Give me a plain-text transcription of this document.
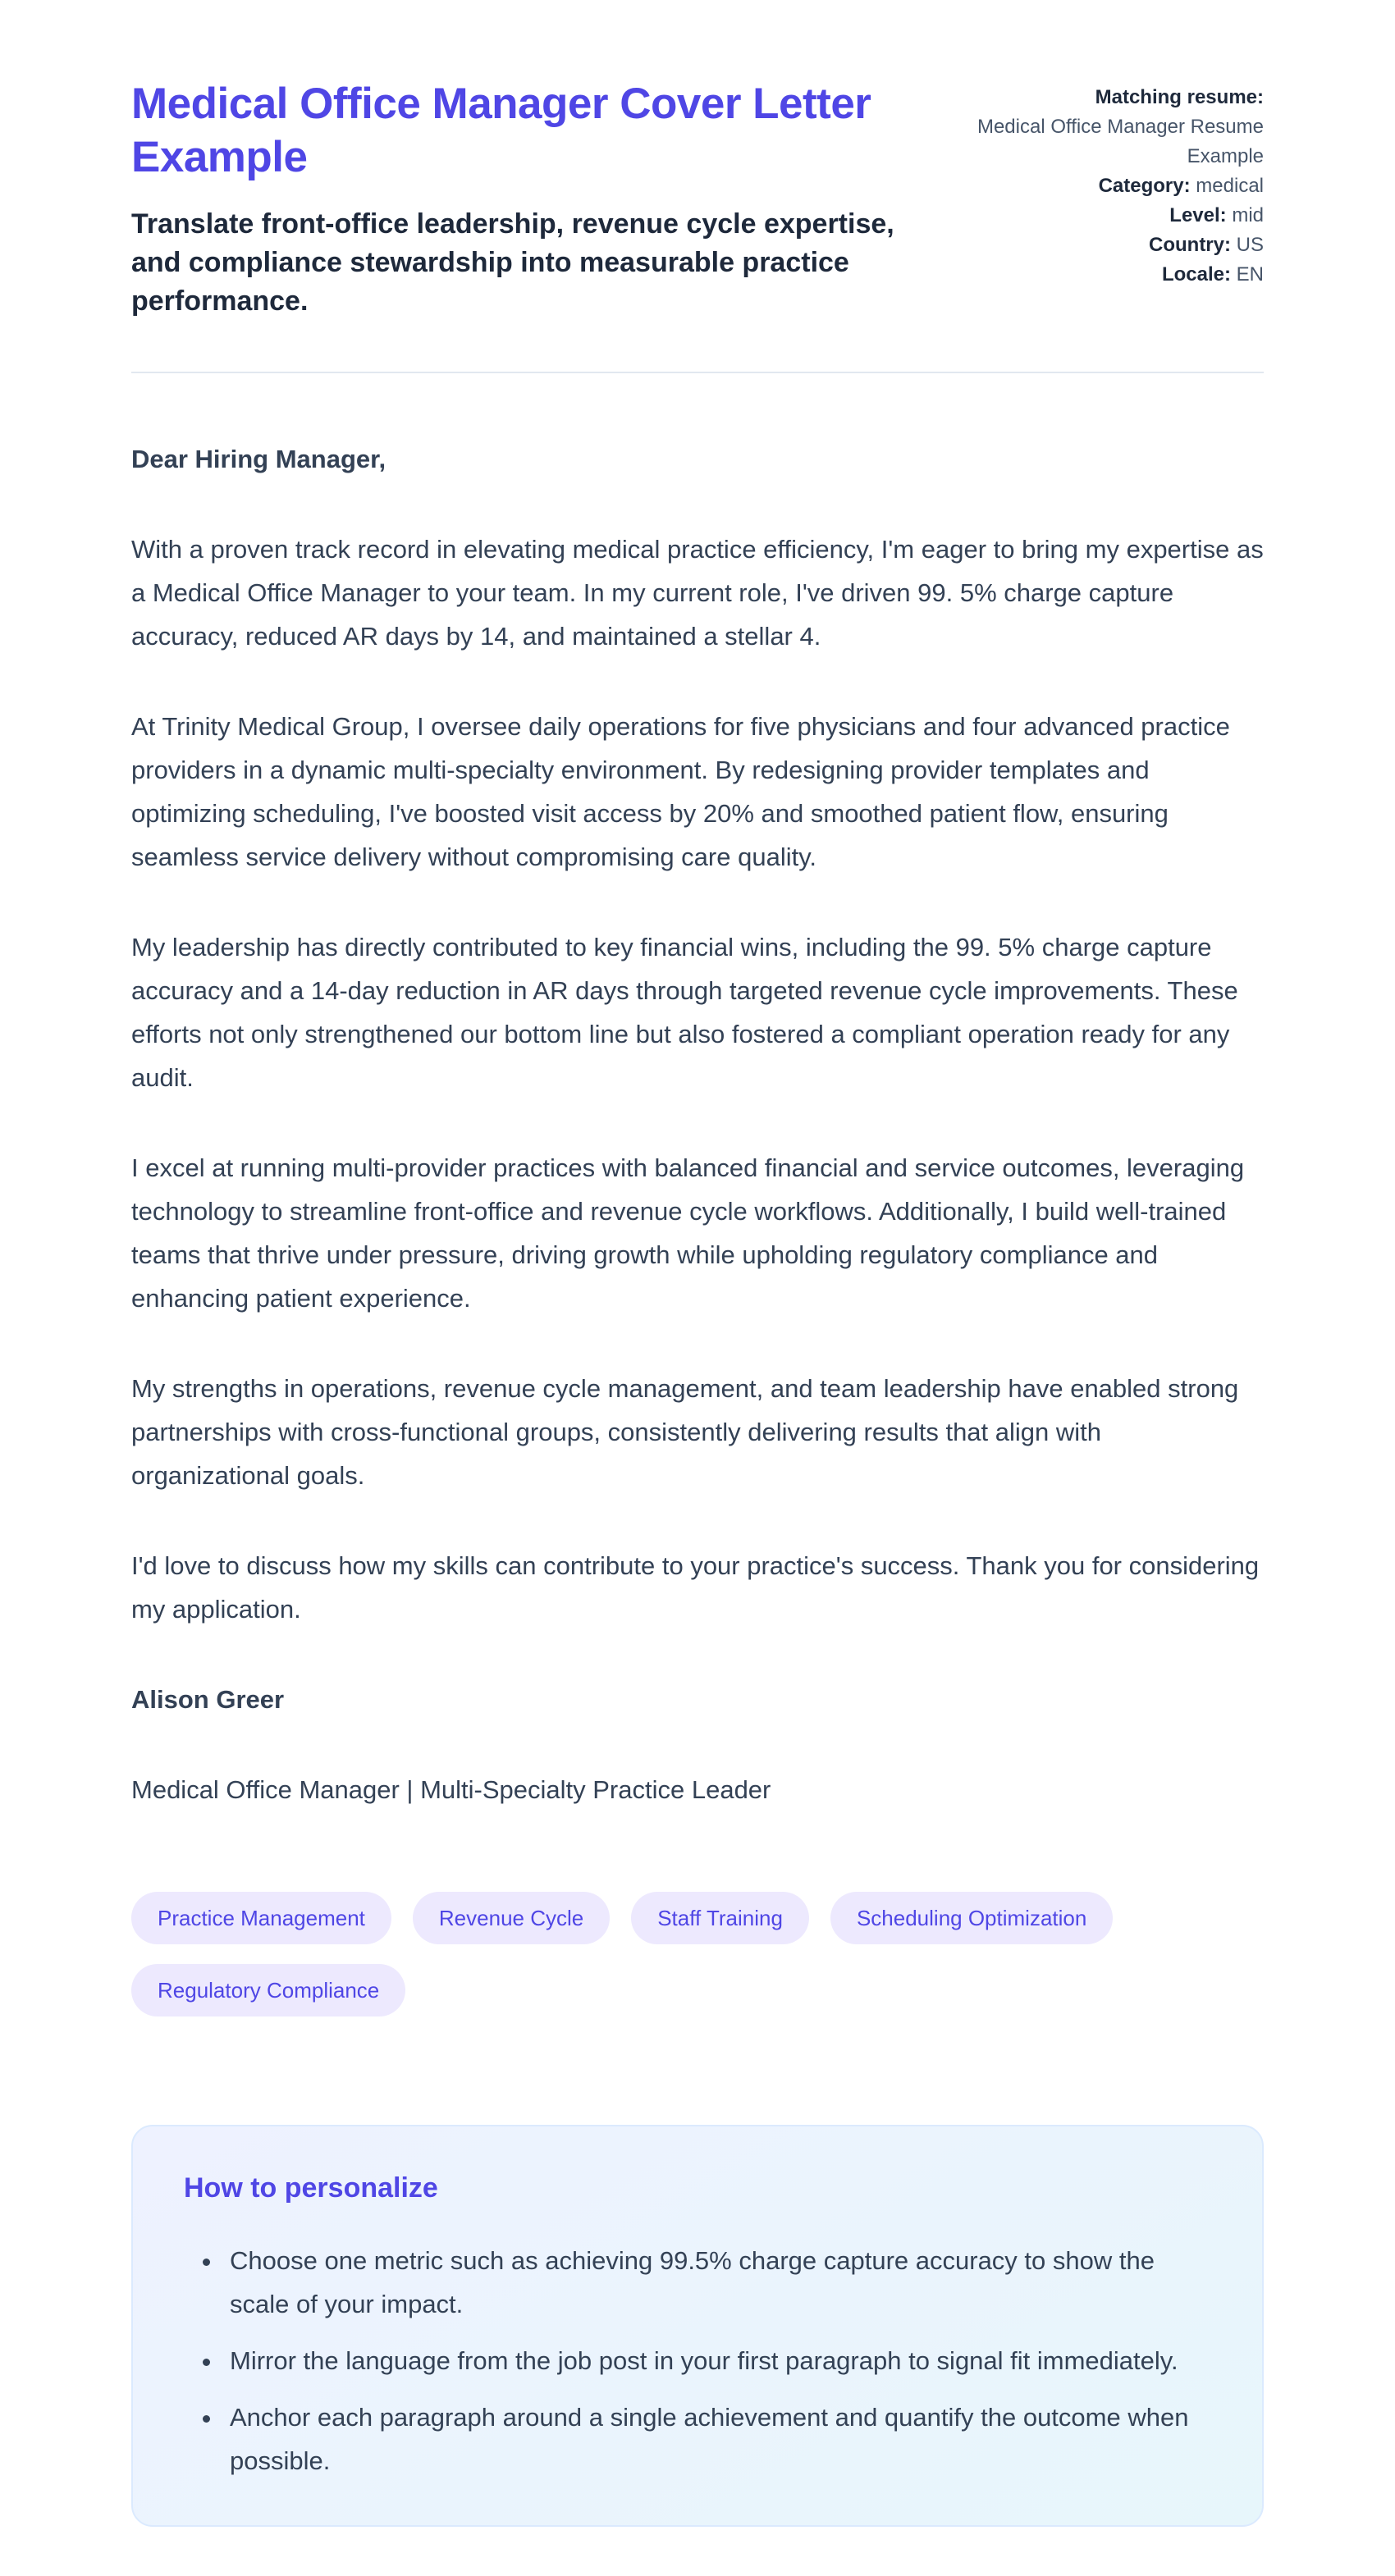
Medical Office Manager Cover Letter Example

Translate front-office leadership, revenue cycle expertise, and compliance stewardship into measurable practice performance.

Matching resume:
Medical Office Manager Resume Example
Category: medical
Level: mid
Country: US
Locale: EN

Dear Hiring Manager,

With a proven track record in elevating medical practice efficiency, I'm eager to bring my expertise as a Medical Office Manager to your team. In my current role, I've driven 99. 5% charge capture accuracy, reduced AR days by 14, and maintained a stellar 4.

At Trinity Medical Group, I oversee daily operations for five physicians and four advanced practice providers in a dynamic multi-specialty environment. By redesigning provider templates and optimizing scheduling, I've boosted visit access by 20% and smoothed patient flow, ensuring seamless service delivery without compromising care quality.

My leadership has directly contributed to key financial wins, including the 99. 5% charge capture accuracy and a 14-day reduction in AR days through targeted revenue cycle improvements. These efforts not only strengthened our bottom line but also fostered a compliant operation ready for any audit.

I excel at running multi-provider practices with balanced financial and service outcomes, leveraging technology to streamline front-office and revenue cycle workflows. Additionally, I build well-trained teams that thrive under pressure, driving growth while upholding regulatory compliance and enhancing patient experience.

My strengths in operations, revenue cycle management, and team leadership have enabled strong partnerships with cross-functional groups, consistently delivering results that align with organizational goals.

I'd love to discuss how my skills can contribute to your practice's success. Thank you for considering my application.

Alison Greer

Medical Office Manager | Multi-Specialty Practice Leader

Practice Management	Revenue Cycle	Staff Training	Scheduling Optimization
Regulatory Compliance
How to personalize
• Choose one metric such as achieving 99.5% charge capture accuracy to show the scale of your impact.
• Mirror the language from the job post in your first paragraph to signal fit immediately.
• Anchor each paragraph around a single achievement and quantify the outcome when possible.
